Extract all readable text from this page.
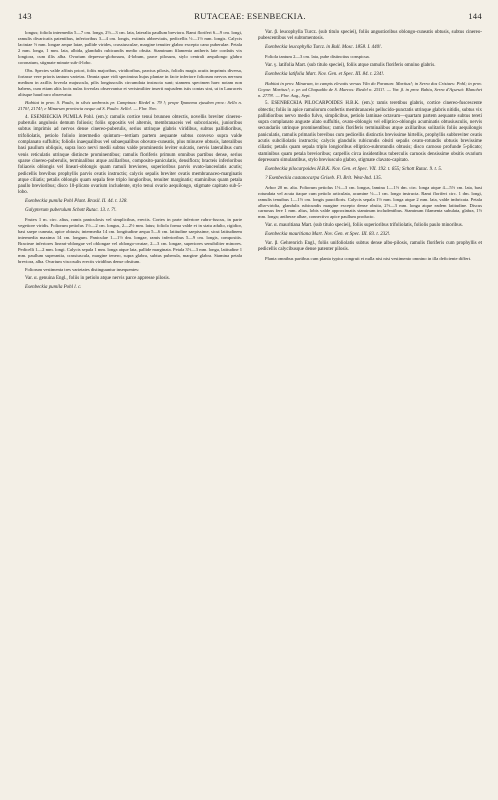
143	RUTACEAE: ESENBECKIA.	144

longus; foliola intermedia 5—7 cm. longa, 2½—3 cm. lata, lateralia paullum breviora. Rami floriferi 6—9 cm. longi, ramulis divaricatis patentibus, inferioribus 3—4 cm. longis, extimis abbreviatis, pedicellis ½—1½ mm. longis. Calycis laciniae ½ mm. longae aeque latae, pallide virides, crassiusculae, margine tenuiter glabro excepto cano puberulae. Petala 2 mm. longa, 1 mm. lata, albida, glandulis rubicundis medio obsita. Staminum filamenta antheris late cordatis vix longiora, cum illis alba. Ovarium depresso-globosum, 4-lobum, parce pilosum, stylo centrali aequilongo glabro coronatum, stigmate minute sub-4-lobo.

Obs. Species valde affinis priori, foliis majoribus, viridioribus, parcius pilosis, foliolis magis acutis imprimis diversa, fortasse vere prioris tantum varietas. Omnia quae vidi specimina hujus plantae in facie inferiore foliorum nervos nervum medium in axillis foveola majuscula, pilis longiusculis circumdata instructa sunt; stamens specimen haec notam non habens, cum etiam aliis locis nulas foveolas observantur et verisimiliter inserti nujusdem istis contas sint, ut in Lauraceis aliisque haud raro observatur.

Habitat in prov. S. Paulo, in silvis umbrosis pr. Campinas: Riedel n. 79 !; prope Ypanema ejusdem prov.: Sello n. 2170!, 2174!; e Minarum provincia neque ad S. Paulo: Sello!. — Flor. Nov.

4. ESENBECKIA PUMILA Pohl. (em.): ramulis cortice tenui brunneo obtectis, novellis breviter cinereo-puberulis angulosis demum foliosis; foliis oppositis vel alternis, membranaceis vel subcoriaceis, junioribus subtus imprimis ad nervos dense cinereo-puberulis, serius utrinque glabris viridibus, subtus pallidioribus, trifoliolatis, petiolo foliolo intermedio quintum—tertiam partem aequante subtus convexo supra valde complanato suffultis; foliolis inaequalibus vel subaequalibus obovato-cuneatis, plus minusve obtusis, lateralibus basi paullum obliquis, supra loco nervi medii subtus valde prominentis leviter sulcatis, nervis lateralibus cum venis reticulatis utrinque distincte prominentibus; ramulis floriferis primum omnibus partibus dense, serius sparse cinereo-puberulis, terminalibus atque axillaribus, composito-paniculatis, densiflora; bracteis inferioribus foliaceis oblongis vel lineari-oblongis quam ramuli breviores, superioribus parvis ovato-lanceolatis acutis; pedicellis brevibus prophyllis parvis ovatis instructis; calycis sepalis breviter ovatis membranaceo-marginatis atque ciliatis; petalis oblongis quam sepala fere triplo longioribus, tenuiter marginatis; staminibus quam petala paullo brevioribus; disco 10-plicato ovarium includente, stylo tenui ovario aequilongo, stigmate capitato sub-5-lobo.

Esenbeckia pumila Pohl Plant. Brasil. II. 44. t. 128.

Galypterum puberulum Schott Rutac. 13. t. 7!.

Frutex 1 m. circ. altus, ramis paniculosis vel simplicibus, erectis. Cortex in parte inferiore rubro-fuscus, in parte vegetiore viridis. Foliorum petiolus 1½—2 cm. longus, 2—2½ mm. latus; foliola forma valde et in statu adulto, rigidior, basi saepe cuneata, apice obtusis; intermedia 14 cm. longitudine aequa 5—6 cm. latitudine saepissime, sicut latitudinem intermedia maxima 14 cm. longum. Paniculae 1—1½ dm. longae, ramis inferioribus 5—9 cm. longis, compositis. Bracteae inferiores lineari-oblongae vel oblongae vel oblongo-ovatae, 2—3 cm. longae, superiores sensibiliter minores. Pedicelli 1—2 mm. longi. Calycis sepala 1 mm. longa atque lata, pallide marginata. Petala 3½—3 mm. longa, latitudine 1 mm. paullum superantia, crassiuscula, margine tenero, supra glabra, subtus puberula, margine glabra. Stamina petala breviora, alba. Ovarium viscosulis erectis viridibus dense obsitum.

Foliorum vestimenta tres varietates distinguuntur insequentes:

Var. α. genuina Engl., foliis in petiolo atque nervis parce appresse pilosis.

Esenbeckia pumila Pohl l. c.

Var. β. leucophylla Turcz. (sub titulo speciei), foliis angustioribus oblongo-cuneatis obtusis, subtus cinereo-pubescentibus vel subtomentosis.

Esenbeckia leucophylla Turcz. in Bull. Mosc. 1858. I. 440!.

Foliola tantum 2—3 cm. lata, pube distinctius conspicua.

Var. γ. latifolia Mart. (sub titulo speciei), foliis atque ramulis floriferis omnino glabris.

Esenbeckia latifolia Mart. Nov. Gen. et Spec. III. 84. t. 234!.

Habitat in prov. Minarum, in campis elevatis versus Vão do Paranan: Martius!; in Serra dos Cristaes: Pohl; in prov. Goyaz: Martius!; c. pr. ad Chapadão de S. Marcos: Riedel n. 2511!. — Var. β. in prov. Bahia, Serra d'Açuruá: Blanchet n. 2779!. — Flor. Aug., Sept.

5. ESENBECKIA PILOCARPOIDES H.B.K. (em.): ramis teretibus glabris, cortice cinereo-fuscescente obtectis; foliis in apice ramulorum confertis membranaceis pellucido-punctatis utrinque glabris nitidis, subtus vix pallidioribus nervo medio fulvo, simplicibus, petiolo laminae octavam—quartam partem aequante subtus tereti supra complanato anguste alato suffultis, ovato-oblongis vel elliptico-oblongis acuminatis obtusiusculis, nervis secundariis utrinque prominentibus; ramis floriferis terminalibus atque axillaribus solitariis foliis aequilongis paniculatis, ramulis primariis brevibus cum pedicellis distinctis brevissime hirtellis, prophyllis subbreviter ovatis acutis subciliolatis instructis; calycis glandulis rubicundis obsiti sepalis ovato-rotundis obtusis brevissime ciliatis; petalis quam sepala triplo longioribus elliptico-subrotundis obtusis; disco carnoso profunde 5-plicato; staminibus quam petala brevioribus; carpellis circa insidentibus tuberculis carnosis densissime obsitis ovarium depressum simulantibus, stylo breviusculo glabro, stigmate clavato-capitato.

Esenbeckia pilocarpoides H.B.K. Nov. Gen. et Spec. VII. 192. t. 655; Schott Rutac. 9. t. 5.

? Esenbeckia castanocarpa Griseb. Fl. Brit. West-Ind. 135.

Arbor 20 m. alta. Foliorum petiolus 1½—3 cm. longus, lamina 1—1½ dm. circ. longa atque 4—5½ cm. lata, basi rotundata vel acuta itaque cum petiolo articulata, acumine ½—1 cm. longo instructa. Rami floriferi circ. 1 dm. longi, ramulis tenuibus 1—1½ cm. longis paucifloris. Calycis sepala 1½ mm. longa atque 2 mm. lata, valde imbricata. Petala alba-viridia, glandulis rubicundis margine excepto dense obsita, 2½—3 mm. longa atque eadem latitudine. Discus carnosus fere 1 mm. altus, lobis valde approximatis staminum includentibus. Staminum filamenta subulata, glabra, 1½ mm. longa; antherae albae, connectivo apice paullum producto.

Var. α. mauritiana Mart. (sub titulo speciei), foliis superioribus trifoliolatis, foliolis paulo minoribus.

Esenbeckia mauritiana Mart. Nov. Gen. et Spec. III. 83. t. 232!.

Var. β. Gehrenrich Engl., foliis unifoliolatis subtus dense albo-pilosis, ramulis floriferis cum prophyllis et pedicellis calycibusque dense patenter pilosis.

Planta omnibus partibus cum planta typica congruit et nulla nisi nisi vestimento omnino in illa deficiente differt.
